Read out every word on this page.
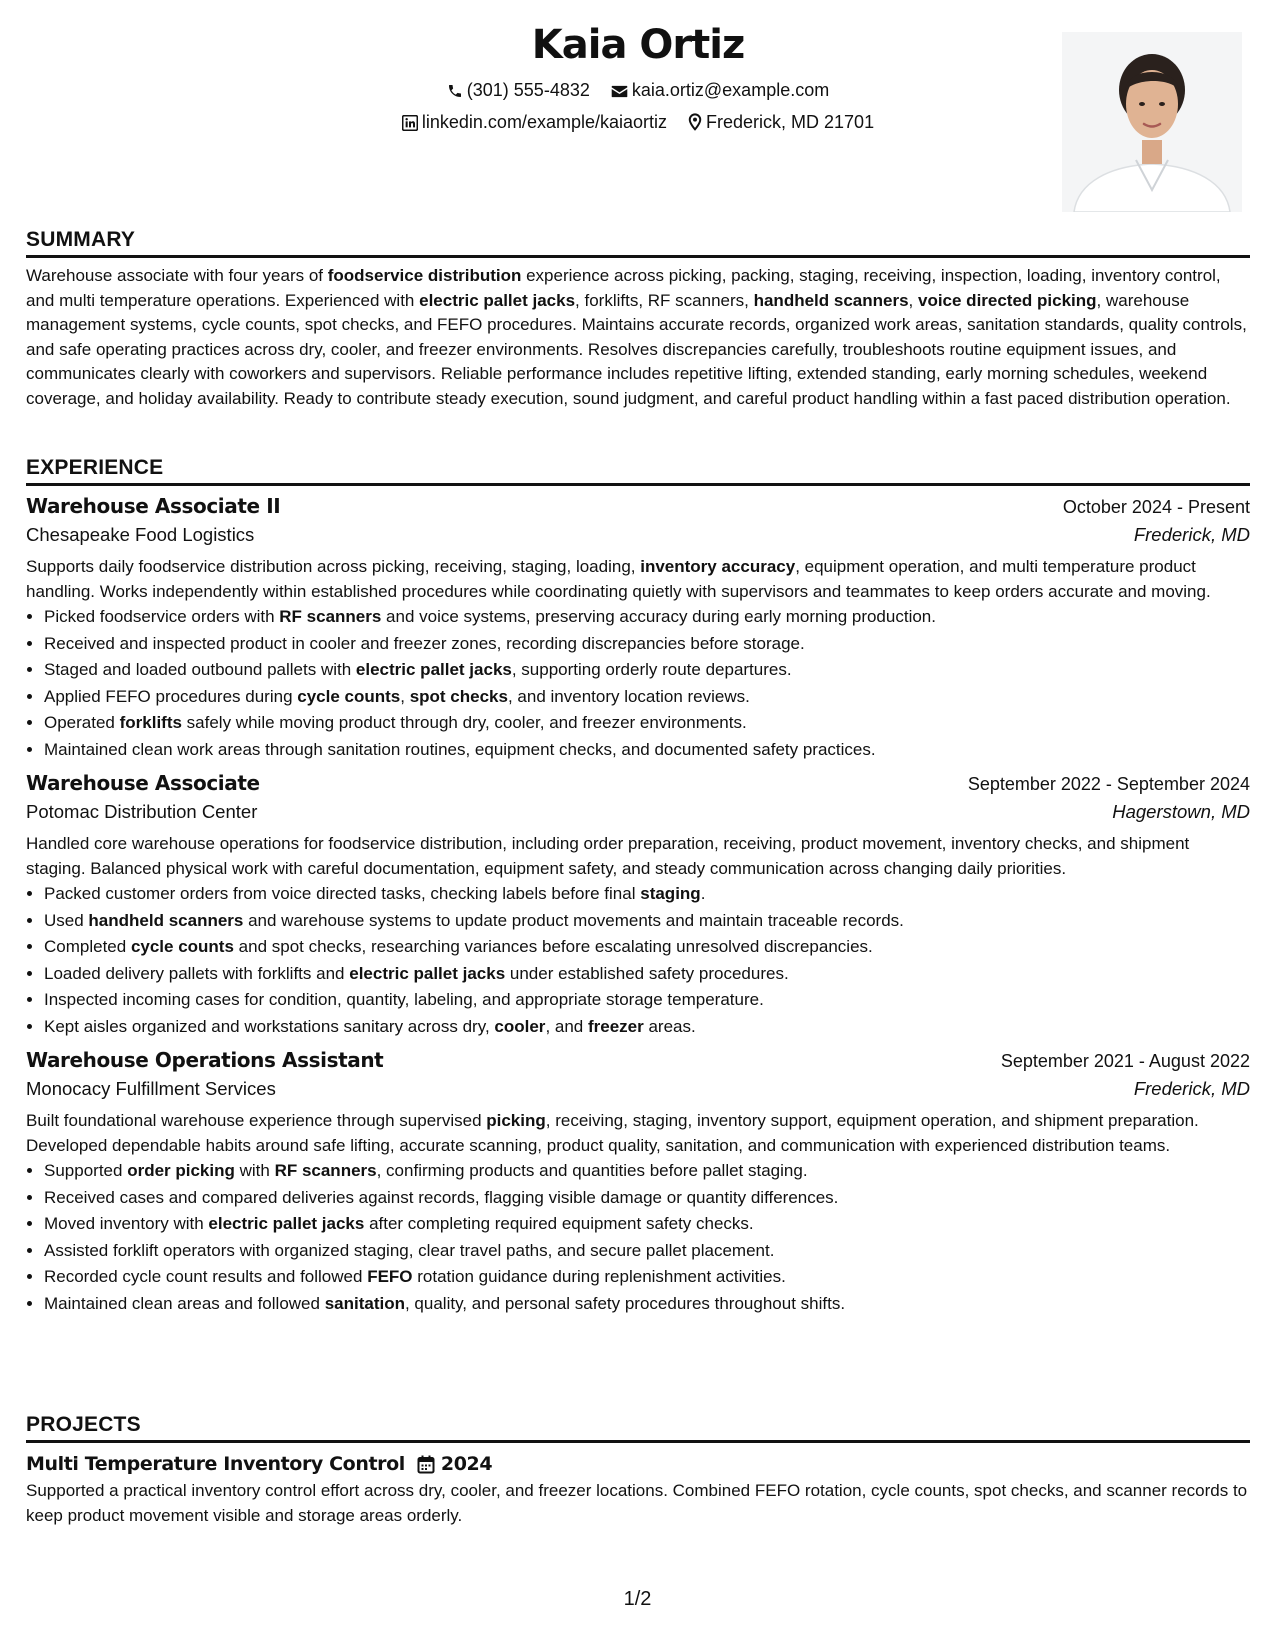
Kaia Ortiz
(301) 555-4832 kaia.ortiz@example.com
linkedin.com/example/kaiaortiz Frederick, MD 21701
SUMMARY

Warehouse associate with four years of foodservice distribution experience across picking, packing, staging, receiving, inspection, loading, inventory control, and multi temperature operations. Experienced with electric pallet jacks, forklifts, RF scanners, handheld scanners, voice directed picking, warehouse management systems, cycle counts, spot checks, and FEFO procedures. Maintains accurate records, organized work areas, sanitation standards, quality controls, and safe operating practices across dry, cooler, and freezer environments. Resolves discrepancies carefully, troubleshoots routine equipment issues, and communicates clearly with coworkers and supervisors. Reliable performance includes repetitive lifting, extended standing, early morning schedules, weekend coverage, and holiday availability. Ready to contribute steady execution, sound judgment, and careful product handling within a fast paced distribution operation.

EXPERIENCE
Warehouse Associate II	October 2024 - Present
Chesapeake Food Logistics	Frederick, MD

Supports daily foodservice distribution across picking, receiving, staging, loading, inventory accuracy, equipment operation, and multi temperature product handling. Works independently within established procedures while coordinating quietly with supervisors and teammates to keep orders accurate and moving.

• Picked foodservice orders with RF scanners and voice systems, preserving accuracy during early morning production.
• Received and inspected product in cooler and freezer zones, recording discrepancies before storage.
• Staged and loaded outbound pallets with electric pallet jacks, supporting orderly route departures.
• Applied FEFO procedures during cycle counts, spot checks, and inventory location reviews.
• Operated forklifts safely while moving product through dry, cooler, and freezer environments.
• Maintained clean work areas through sanitation routines, equipment checks, and documented safety practices.
Warehouse Associate	September 2022 - September 2024
Potomac Distribution Center	Hagerstown, MD

Handled core warehouse operations for foodservice distribution, including order preparation, receiving, product movement, inventory checks, and shipment staging. Balanced physical work with careful documentation, equipment safety, and steady communication across changing daily priorities.

• Packed customer orders from voice directed tasks, checking labels before final staging.
• Used handheld scanners and warehouse systems to update product movements and maintain traceable records.
• Completed cycle counts and spot checks, researching variances before escalating unresolved discrepancies.
• Loaded delivery pallets with forklifts and electric pallet jacks under established safety procedures.
• Inspected incoming cases for condition, quantity, labeling, and appropriate storage temperature.
• Kept aisles organized and workstations sanitary across dry, cooler, and freezer areas.
Warehouse Operations Assistant	September 2021 - August 2022
Monocacy Fulfillment Services	Frederick, MD

Built foundational warehouse experience through supervised picking, receiving, staging, inventory support, equipment operation, and shipment preparation. Developed dependable habits around safe lifting, accurate scanning, product quality, sanitation, and communication with experienced distribution teams.

• Supported order picking with RF scanners, confirming products and quantities before pallet staging.
• Received cases and compared deliveries against records, flagging visible damage or quantity differences.
• Moved inventory with electric pallet jacks after completing required equipment safety checks.
• Assisted forklift operators with organized staging, clear travel paths, and secure pallet placement.
• Recorded cycle count results and followed FEFO rotation guidance during replenishment activities.
• Maintained clean areas and followed sanitation, quality, and personal safety procedures throughout shifts.
PROJECTS
Multi Temperature Inventory Control 2024

Supported a practical inventory control effort across dry, cooler, and freezer locations. Combined FEFO rotation, cycle counts, spot checks, and scanner records to keep product movement visible and storage areas orderly.

1/2
